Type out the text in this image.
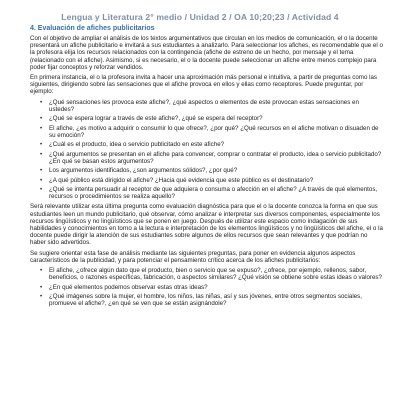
Lengua y Literatura 2° medio / Unidad 2 / OA 10;20;23 / Actividad 4
4. Evaluación de afiches publicitarios

Con el objetivo de ampliar el análisis de los textos argumentativos que circulan en los medios de comunicación, el o la docente presentará un afiche publicitario e invitará a sus estudiantes a analizarlo. Para seleccionar los afiches, es recomendable que el o la profesora elija los recursos relacionados con la contingencia (afiche de estreno de un hecho, por mensaje y el tema (relacionado con el afiche). Asimismo, si es necesario, el o la docente puede seleccionar un afiche entre menos complejo para poder fijar conceptos y reforzar vendidos.

En primera instancia, el o la profesora invita a hacer una aproximación más personal e intuitiva, a partir de preguntas como las siguientes, dirigiendo sobre las sensaciones que el afiche provoca en ellos y ellas como receptores. Puede preguntar, por ejemplo:

• ¿Qué sensaciones les provoca este afiche?, ¿qué aspectos o elementos de este provocan estas sensaciones en ustedes?
• ¿Qué se espera lograr a través de este afiche?, ¿qué se espera del receptor?
• El afiche, ¿es motivo a adquirir o consumir lo que ofrece?, ¿por qué? ¿Qué recursos en el afiche motivan o disuaden de su emoción?
• ¿Cuál es el producto, idea o servicio publicitado en este afiche?
• ¿Qué argumentos se presentan en el afiche para convencer, comprar o contratar el producto, idea o servicio publicitado? ¿En qué se basan estos argumentos?
• Los argumentos identificados, ¿son argumentos sólidos?, ¿por qué?
• ¿A qué público está dirigido el afiche? ¿Hacia qué evidencia que este público es el destinatario?
• ¿Qué se intenta persuadir al receptor de que adquiera o consuma o afección en el afiche? ¿A través de qué elementos, recursos o procedimientos se realiza aquello?

Será relevante utilizar esta última pregunta como evaluación diagnóstica para que el o la docente conozca la forma en que sus estudiantes leen un mundo publicitario, qué observar, cómo analizar e interpretar sus diversos componentes, especialmente los recursos lingüísticos y no lingüísticos que se ponen en juego. Después de utilizar este espacio como indagación de sus habilidades y conocimientos en torno a la lectura e interpretación de los elementos lingüísticos y no lingüísticos del afiche, el o la docente puede dirigir la atención de sus estudiantes sobre algunos de ellos recursos que sean relevantes y que podrían no haber sido advertidos.

Se sugiere orientar esta fase de análisis mediante las siguientes preguntas, para poner en evidencia algunos aspectos característicos de la publicidad, y para potenciar el pensamiento crítico acerca de los afiches publicitarios:

• El afiche, ¿ofrece algún dato que el producto, bien o servicio que se expuso?, ¿ofrece, por ejemplo, rellenos, sabor, beneficios, o razones específicas, fabricación, o aspectos similares? ¿Qué visión se obtiene sobre estas ideas o valores?
• ¿En qué elementos podemos observar estas otras ideas?
• ¿Qué imágenes sobre la mujer, el hombre, los niños, las niñas, así y sus jóvenes, entre otros segmentos sociales, promueve el afiche?, ¿en qué se ven que se están asignándole?
